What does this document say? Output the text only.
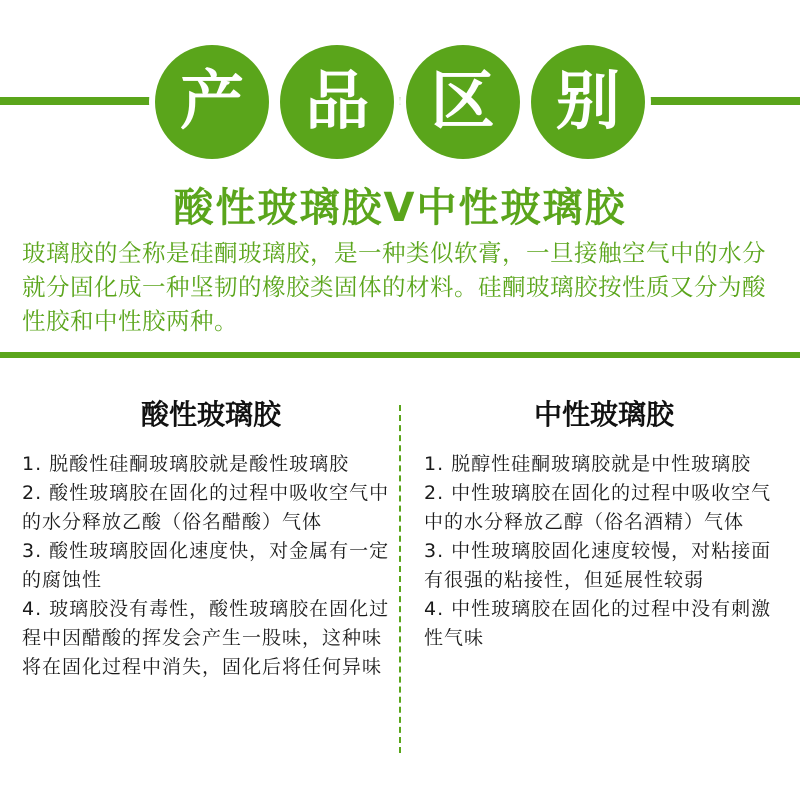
产 品 区 别
酸性玻璃胶V中性玻璃胶
玻璃胶的全称是硅酮玻璃胶，是一种类似软膏，一旦接触空气中的水分就分固化成一种坚韧的橡胶类固体的材料。硅酮玻璃胶按性质又分为酸性胶和中性胶两种。
酸性玻璃胶
1. 脱酸性硅酮玻璃胶就是酸性玻璃胶
2. 酸性玻璃胶在固化的过程中吸收空气中的水分释放乙酸（俗名醋酸）气体
3. 酸性玻璃胶固化速度快，对金属有一定的腐蚀性
4. 玻璃胶没有毒性，酸性玻璃胶在固化过程中因醋酸的挥发会产生一股味，这种味将在固化过程中消失，固化后将任何异味
中性玻璃胶
1. 脱醇性硅酮玻璃胶就是中性玻璃胶
2. 中性玻璃胶在固化的过程中吸收空气中的水分释放乙醇（俗名酒精）气体
3. 中性玻璃胶固化速度较慢，对粘接面有很强的粘接性，但延展性较弱
4. 中性玻璃胶在固化的过程中没有刺激性气味
